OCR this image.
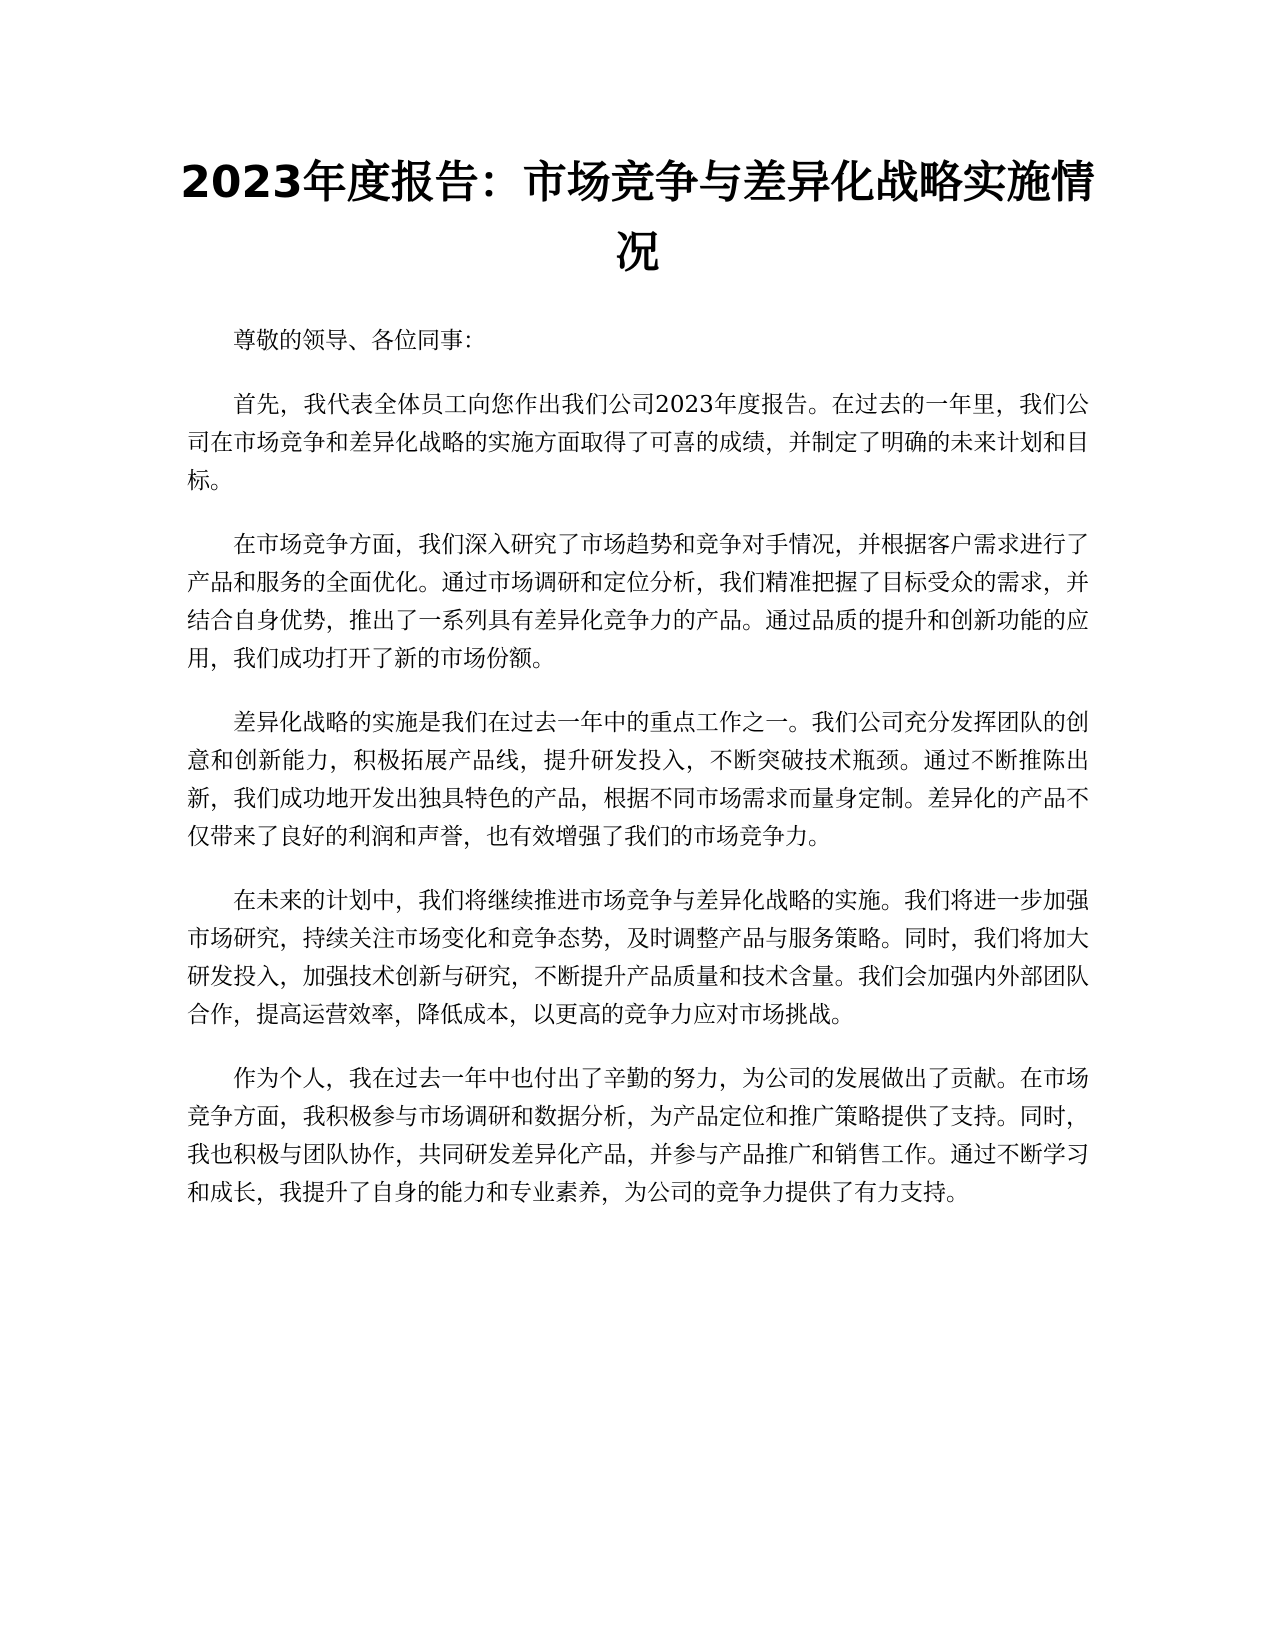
2023年度报告：市场竞争与差异化战略实施情况

尊敬的领导、各位同事：

首先，我代表全体员工向您作出我们公司2023年度报告。在过去的一年里，我们公司在市场竞争和差异化战略的实施方面取得了可喜的成绩，并制定了明确的未来计划和目标。

在市场竞争方面，我们深入研究了市场趋势和竞争对手情况，并根据客户需求进行了产品和服务的全面优化。通过市场调研和定位分析，我们精准把握了目标受众的需求，并结合自身优势，推出了一系列具有差异化竞争力的产品。通过品质的提升和创新功能的应用，我们成功打开了新的市场份额。

差异化战略的实施是我们在过去一年中的重点工作之一。我们公司充分发挥团队的创意和创新能力，积极拓展产品线，提升研发投入，不断突破技术瓶颈。通过不断推陈出新，我们成功地开发出独具特色的产品，根据不同市场需求而量身定制。差异化的产品不仅带来了良好的利润和声誉，也有效增强了我们的市场竞争力。

在未来的计划中，我们将继续推进市场竞争与差异化战略的实施。我们将进一步加强市场研究，持续关注市场变化和竞争态势，及时调整产品与服务策略。同时，我们将加大研发投入，加强技术创新与研究，不断提升产品质量和技术含量。我们会加强内外部团队合作，提高运营效率，降低成本，以更高的竞争力应对市场挑战。

作为个人，我在过去一年中也付出了辛勤的努力，为公司的发展做出了贡献。在市场竞争方面，我积极参与市场调研和数据分析，为产品定位和推广策略提供了支持。同时，我也积极与团队协作，共同研发差异化产品，并参与产品推广和销售工作。通过不断学习和成长，我提升了自身的能力和专业素养，为公司的竞争力提供了有力支持。
